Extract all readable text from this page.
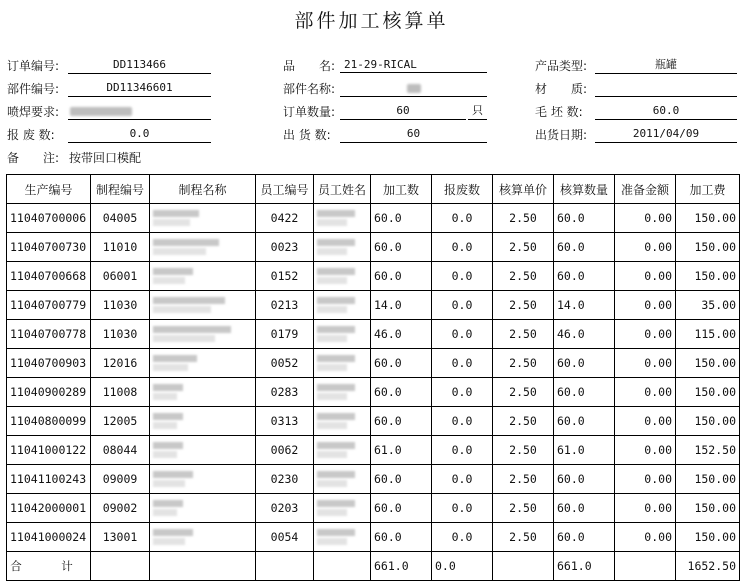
部件加工核算单
订单编号:	DD113466	品　　名: 21-29-RICAL	产品类型:	瓶罐
部件编号:	DD11346601	部件名称:	材　　质:
喷焊要求:	订单数量:	60	只	毛 坯 数:	60.0
报 废 数:	0.0	出 货 数:	60	出货日期:	2011/04/09
备　　注: 按带回口模配
生产编号	制程编号	制程名称	员工编号	员工姓名	加工数	报废数	核算单价	核算数量	准备金额	加工费
11040700006	04005		0422		60.0	0.0	2.50	60.0	0.00	150.00
11040700730	11010		0023		60.0	0.0	2.50	60.0	0.00	150.00
11040700668	06001		0152		60.0	0.0	2.50	60.0	0.00	150.00
11040700779	11030		0213		14.0	0.0	2.50	14.0	0.00	35.00
11040700778	11030		0179		46.0	0.0	2.50	46.0	0.00	115.00
11040700903	12016		0052		60.0	0.0	2.50	60.0	0.00	150.00
11040900289	11008		0283		60.0	0.0	2.50	60.0	0.00	150.00
11040800099	12005		0313		60.0	0.0	2.50	60.0	0.00	150.00
11041000122	08044		0062		61.0	0.0	2.50	61.0	0.00	152.50
11041100243	09009		0230		60.0	0.0	2.50	60.0	0.00	150.00
11042000001	09002		0203		60.0	0.0	2.50	60.0	0.00	150.00
11041000024	13001		0054		60.0	0.0	2.50	60.0	0.00	150.00
合　计					661.0	0.0		661.0		1652.50
